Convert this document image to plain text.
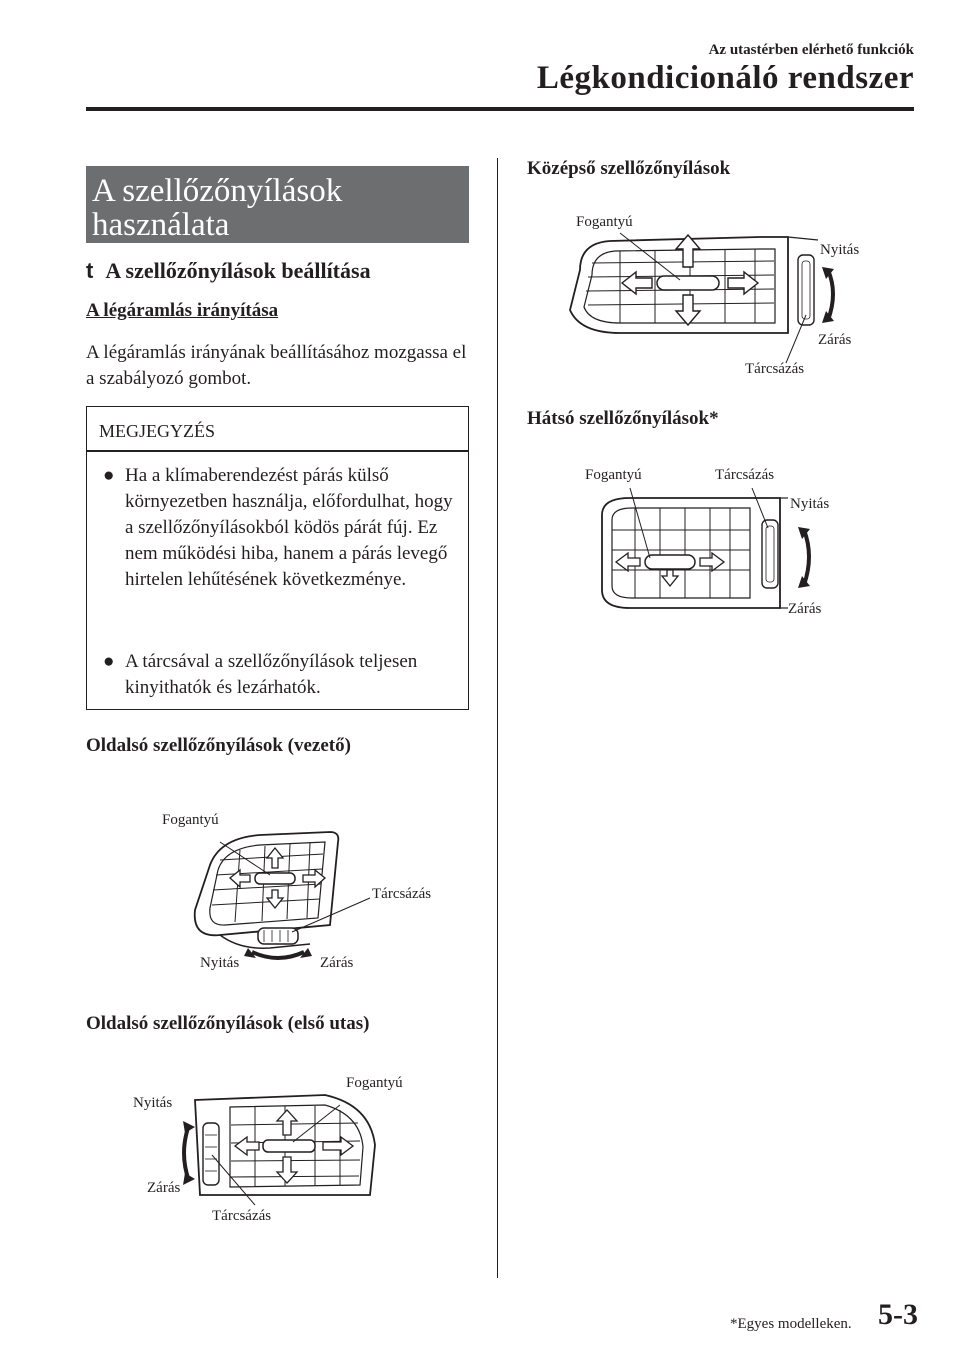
Az utastérben elérhető funkciók
Légkondicionáló rendszer
A szellőzőnyílások
használata
t A szellőzőnyílások beállítása
A légáramlás irányítása
A légáramlás irányának beállításához mozgassa el a szabályozó gombot.
MEGJEGYZÉS
● Ha a klímaberendezést párás külső környezetben használja, előfordulhat, hogy a szellőzőnyílásokból ködös párát fúj. Ez nem működési hiba, hanem a párás levegő hirtelen lehűtésének következménye.
● A tárcsával a szellőzőnyílások teljesen kinyithatók és lezárhatók.
Oldalsó szellőzőnyílások (vezető)
Fogantyú
Tárcsázás
Nyitás	Zárás
Oldalsó szellőzőnyílások (első utas)
Fogantyú
Nyitás
Zárás
Tárcsázás
Középső szellőzőnyílások
Fogantyú
Nyitás
Zárás
Tárcsázás
Hátsó szellőzőnyílások*
Fogantyú	Tárcsázás
Nyitás
Zárás
*Egyes modelleken. 5-3
